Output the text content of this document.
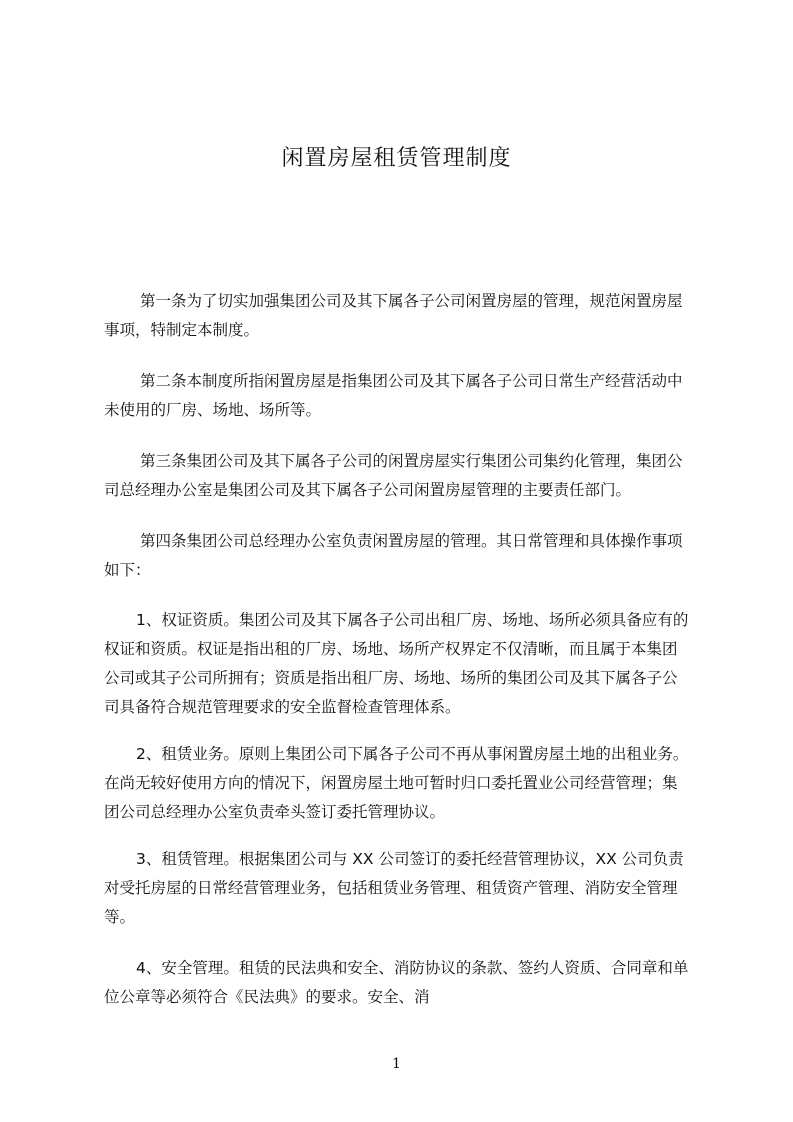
闲置房屋租赁管理制度

第一条为了切实加强集团公司及其下属各子公司闲置房屋的管理，规范闲置房屋

事项，特制定本制度。

第二条本制度所指闲置房屋是指集团公司及其下属各子公司日常生产经营活动中

未使用的厂房、场地、场所等。

第三条集团公司及其下属各子公司的闲置房屋实行集团公司集约化管理，集团公

司总经理办公室是集团公司及其下属各子公司闲置房屋管理的主要责任部门。

第四条集团公司总经理办公室负责闲置房屋的管理。其日常管理和具体操作事项

如下：

1、权证资质。集团公司及其下属各子公司出租厂房、场地、场所必须具备应有的

权证和资质。权证是指出租的厂房、场地、场所产权界定不仅清晰，而且属于本集团

公司或其子公司所拥有；资质是指出租厂房、场地、场所的集团公司及其下属各子公

司具备符合规范管理要求的安全监督检查管理体系。

2、租赁业务。原则上集团公司下属各子公司不再从事闲置房屋土地的出租业务。

在尚无较好使用方向的情况下，闲置房屋土地可暂时归口委托置业公司经营管理；集

团公司总经理办公室负责牵头签订委托管理协议。

3、租赁管理。根据集团公司与 XX 公司签订的委托经营管理协议，XX 公司负责

对受托房屋的日常经营管理业务，包括租赁业务管理、租赁资产管理、消防安全管理

等。

4、安全管理。租赁的民法典和安全、消防协议的条款、签约人资质、合同章和单

位公章等必须符合《民法典》的要求。安全、消

1
